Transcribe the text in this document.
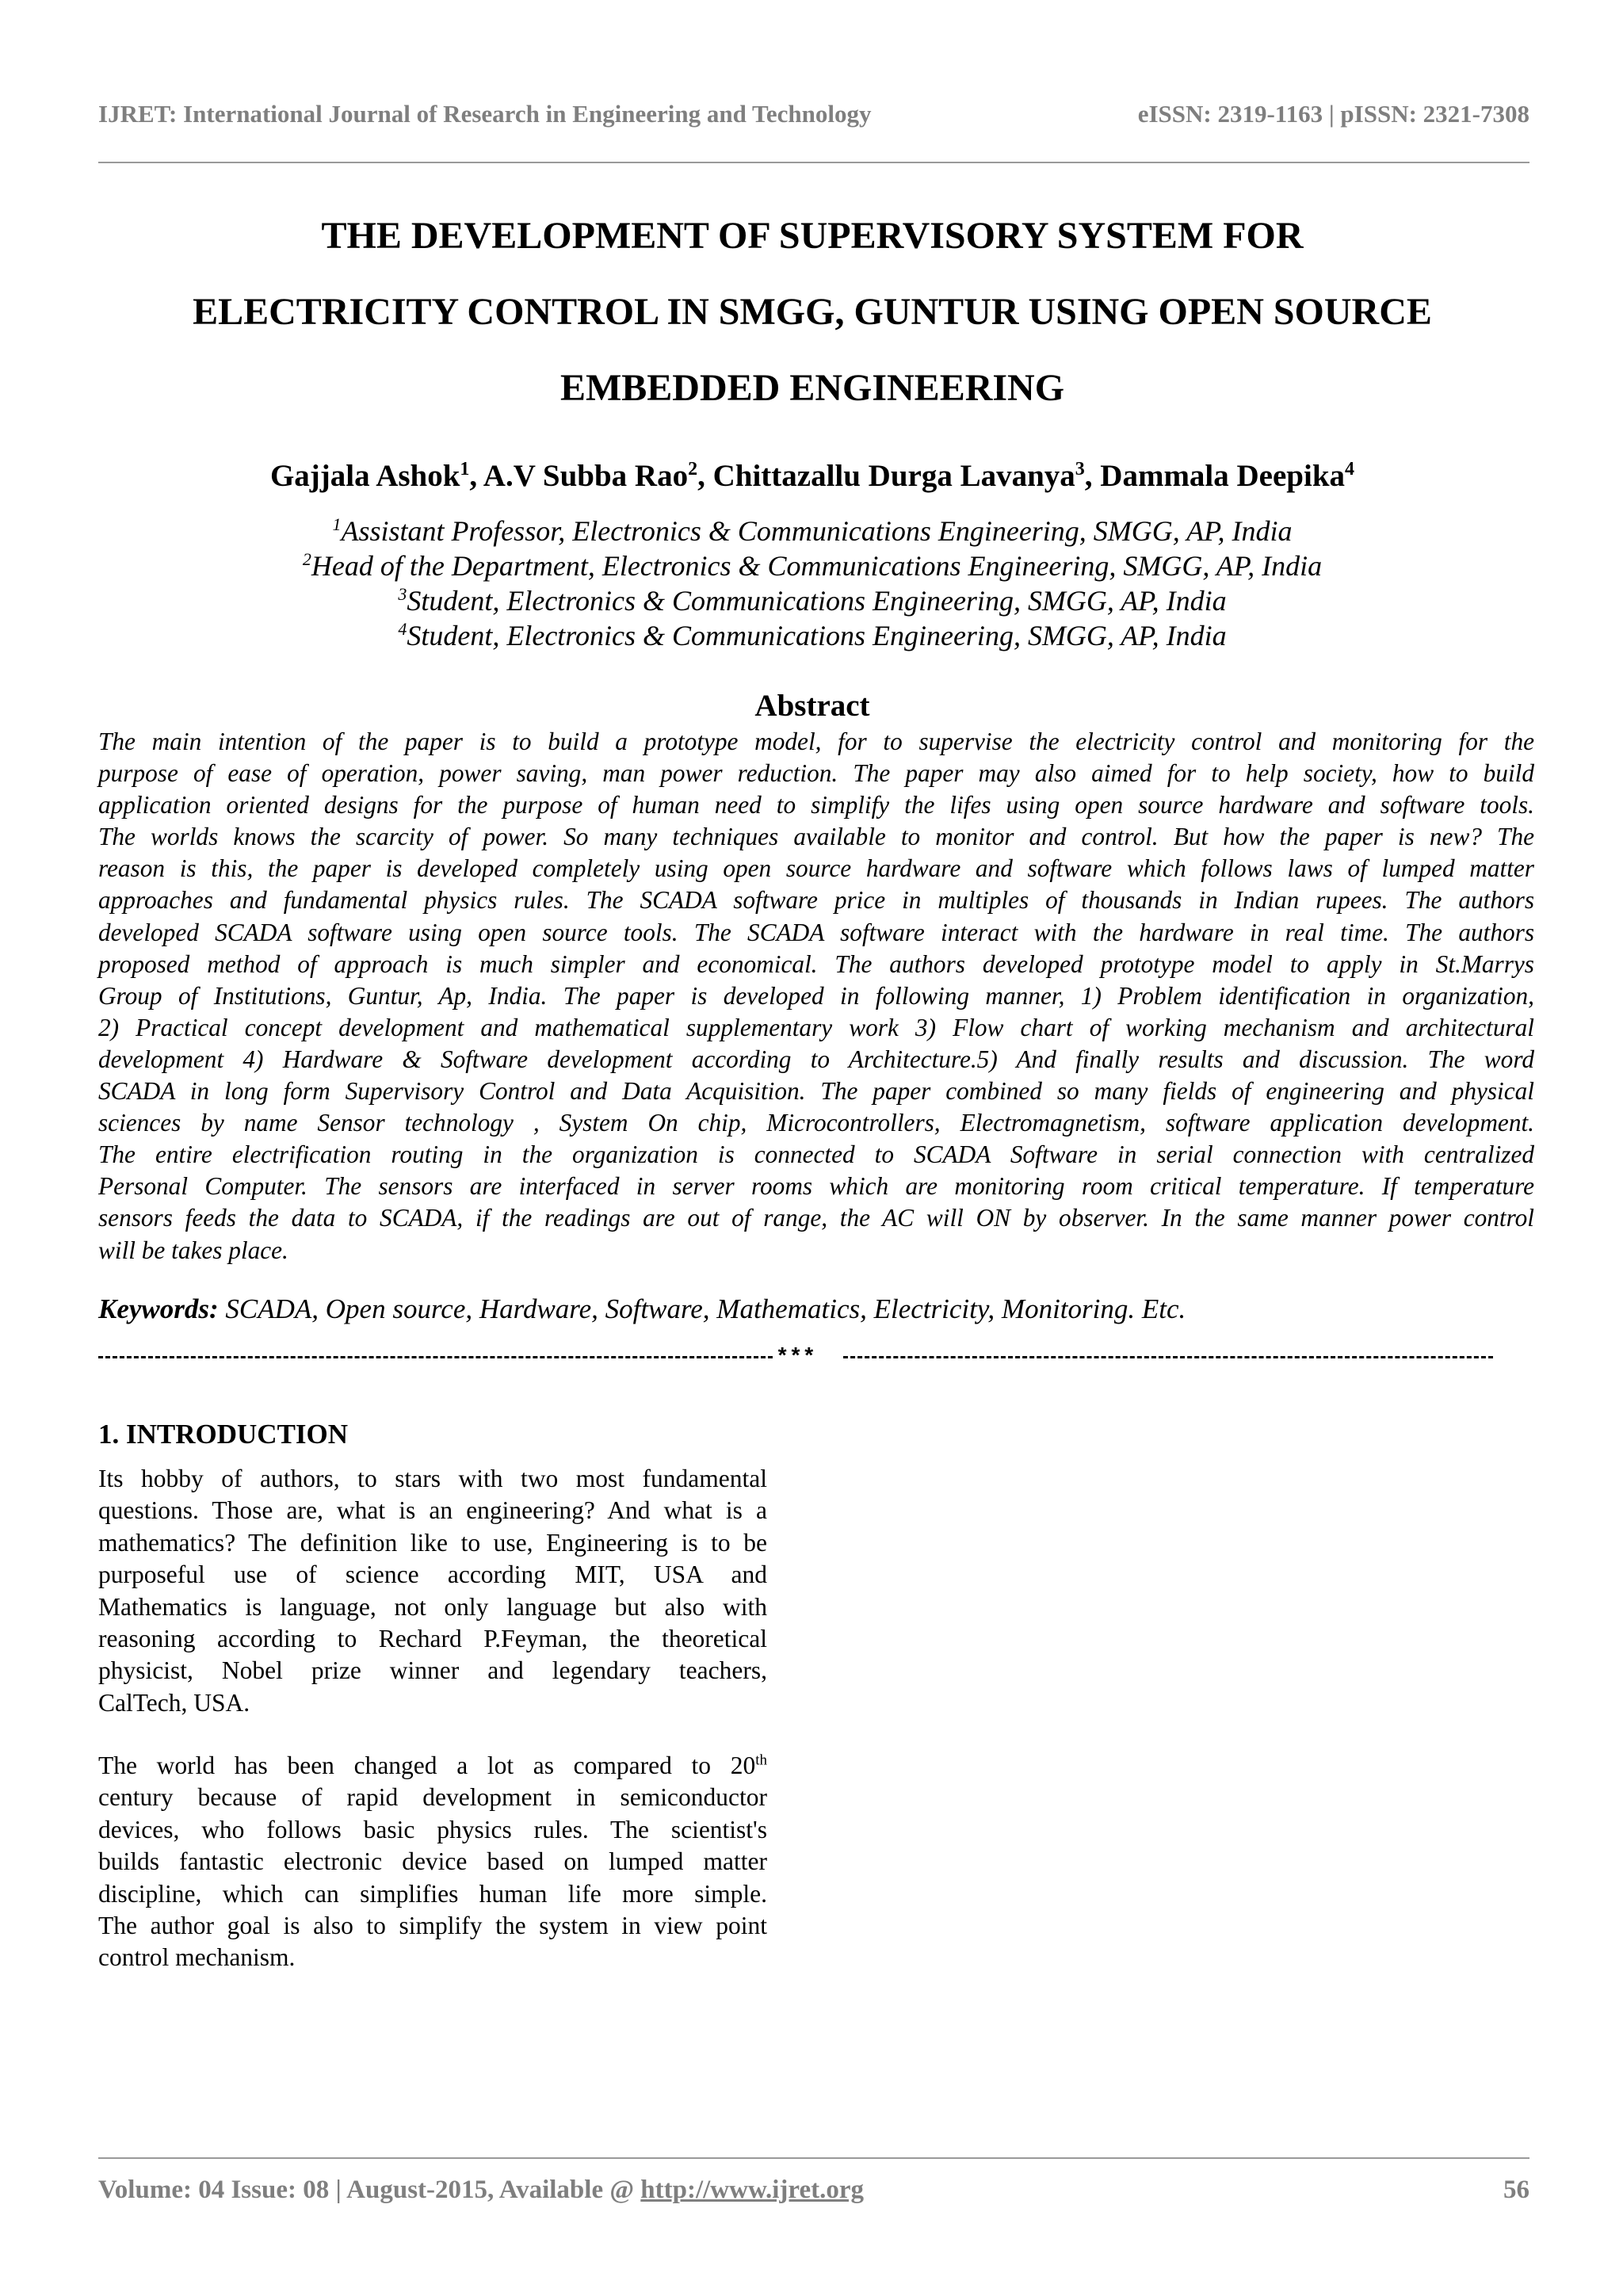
IJRET: International Journal of Research in Engineering and Technology	eISSN: 2319-1163 | pISSN: 2321-7308
THE DEVELOPMENT OF SUPERVISORY SYSTEM FOR
ELECTRICITY CONTROL IN SMGG, GUNTUR USING OPEN SOURCE
EMBEDDED ENGINEERING
Gajjala Ashok$^1$, A.V Subba Rao$^2$, Chittazallu Durga Lavanya$^3$, Dammala Deepika$^4$
$^1$Assistant Professor, Electronics & Communications Engineering, SMGG, AP, India
$^2$Head of the Department, Electronics & Communications Engineering, SMGG, AP, India
$^3$Student, Electronics & Communications Engineering, SMGG, AP, India
$^4$Student, Electronics & Communications Engineering, SMGG, AP, India
Abstract
The main intention of the paper is to build a prototype model, for to supervise the electricity control and monitoring for the
purpose of ease of operation, power saving, man power reduction. The paper may also aimed for to help society, how to build
application oriented designs for the purpose of human need to simplify the lifes using open source hardware and software tools.
The worlds knows the scarcity of power. So many techniques available to monitor and control. But how the paper is new? The
reason is this, the paper is developed completely using open source hardware and software which follows laws of lumped matter
approaches and fundamental physics rules. The SCADA software price in multiples of thousands in Indian rupees. The authors
developed SCADA software using open source tools. The SCADA software interact with the hardware in real time. The authors
proposed method of approach is much simpler and economical. The authors developed prototype model to apply in St.Marrys
Group of Institutions, Guntur, Ap, India. The paper is developed in following manner, 1) Problem identification in organization,
2) Practical concept development and mathematical supplementary work 3) Flow chart of working mechanism and architectural
development 4) Hardware & Software development according to Architecture.5) And finally results and discussion. The word
SCADA in long form Supervisory Control and Data Acquisition. The paper combined so many fields of engineering and physical
sciences by name Sensor technology , System On chip, Microcontrollers, Electromagnetism, software application development.
The entire electrification routing in the organization is connected to SCADA Software in serial connection with centralized
Personal Computer. The sensors are interfaced in server rooms which are monitoring room critical temperature. If temperature
sensors feeds the data to SCADA, if the readings are out of range, the AC will ON by observer. In the same manner power control
will be takes place.
Keywords: SCADA, Open source, Hardware, Software, Mathematics, Electricity, Monitoring. Etc.
***
1. INTRODUCTION
Its hobby of authors, to stars with two most fundamental
questions. Those are, what is an engineering? And what is a
mathematics? The definition like to use, Engineering is to be
purposeful use of science according MIT, USA and
Mathematics is language, not only language but also with
reasoning according to Rechard P.Feyman, the theoretical
physicist, Nobel prize winner and legendary teachers,
CalTech, USA.
The world has been changed a lot as compared to 20th
century because of rapid development in semiconductor
devices, who follows basic physics rules. The scientist's
builds fantastic electronic device based on lumped matter
discipline, which can simplifies human life more simple.
The author goal is also to simplify the system in view point
control mechanism.
Volume: 04 Issue: 08 | August-2015, Available @ http://www.ijret.org	56
